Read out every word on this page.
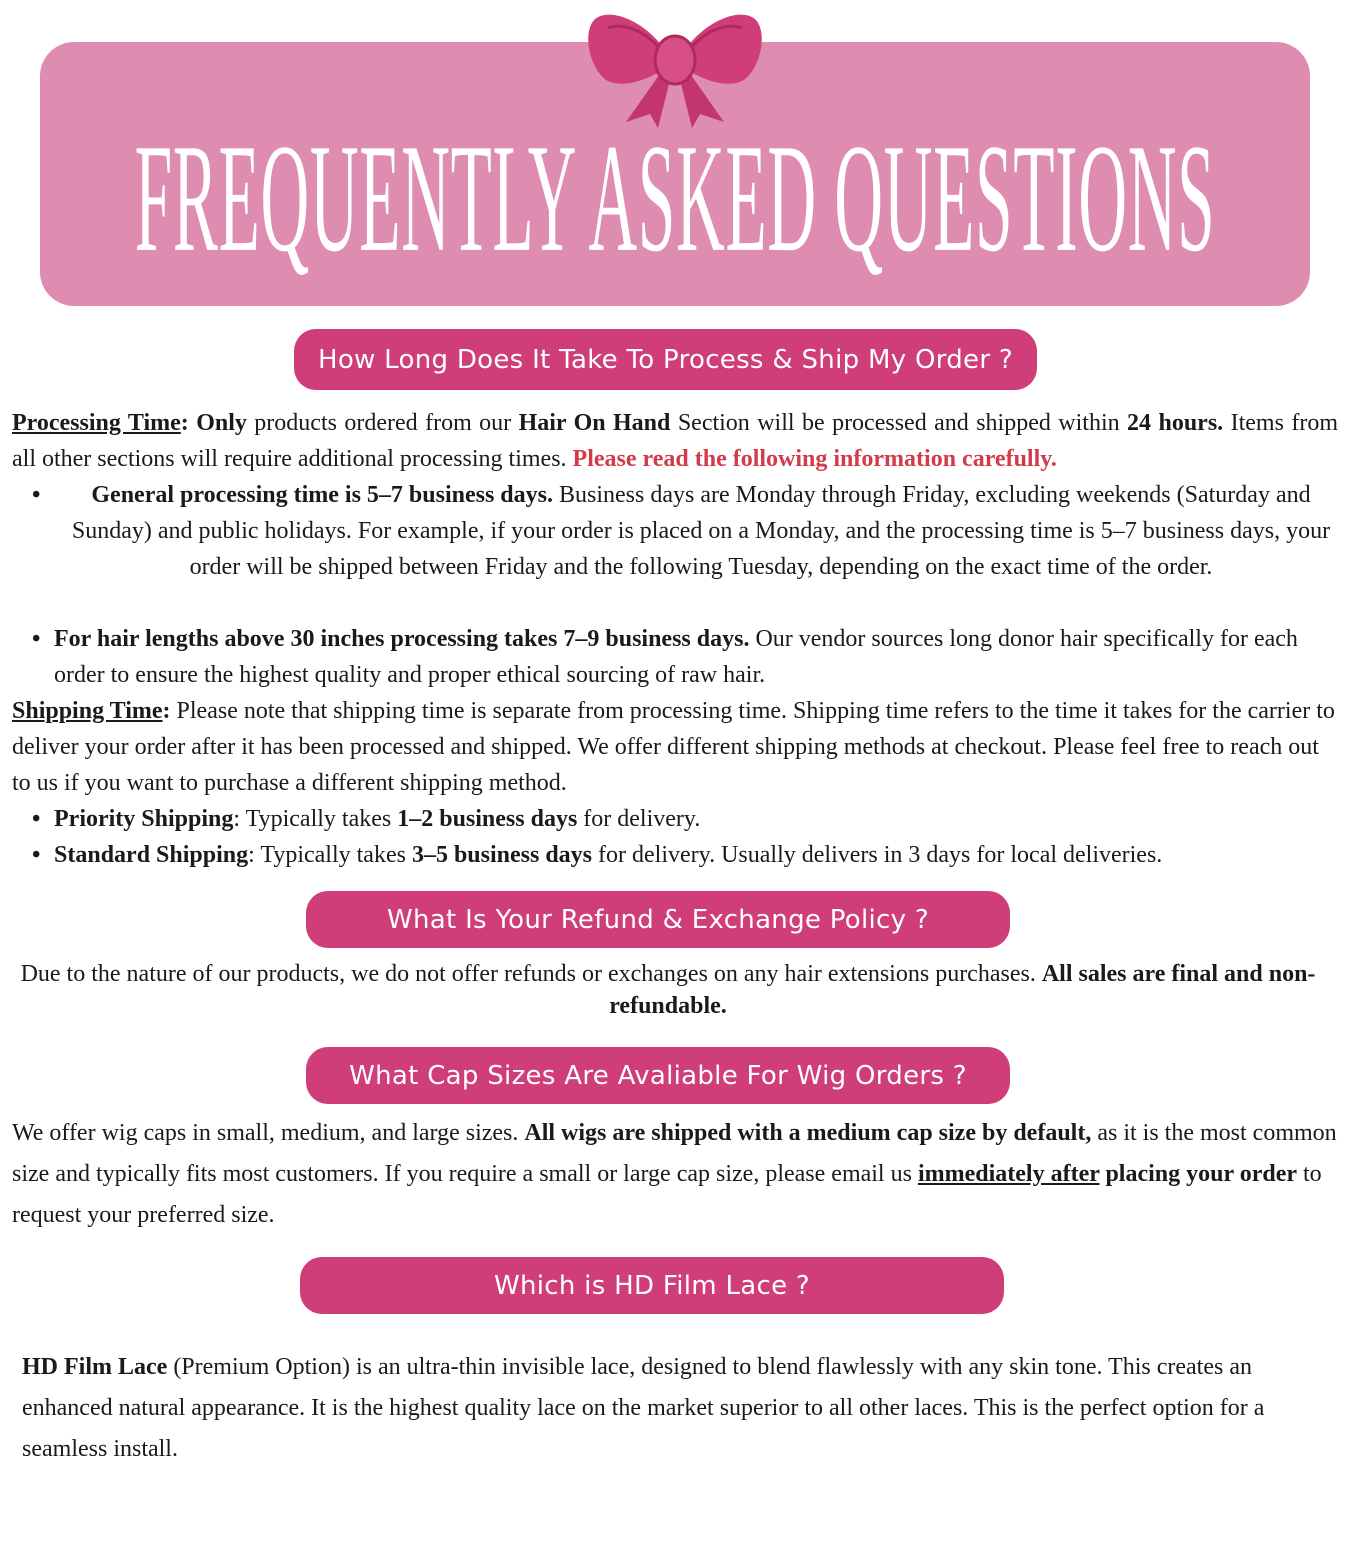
FREQUENTLY ASKED QUESTIONS
How Long Does It Take To Process & Ship My Order ?

Processing Time: Only products ordered from our Hair On Hand Section will be processed and shipped within 24 hours. Items from all other sections will require additional processing times. Please read the following information carefully.

• General processing time is 5–7 business days. Business days are Monday through Friday, excluding weekends (Saturday and Sunday) and public holidays. For example, if your order is placed on a Monday, and the processing time is 5–7 business days, your order will be shipped between Friday and the following Tuesday, depending on the exact time of the order.

• For hair lengths above 30 inches processing takes 7–9 business days. Our vendor sources long donor hair specifically for each order to ensure the highest quality and proper ethical sourcing of raw hair.

Shipping Time: Please note that shipping time is separate from processing time. Shipping time refers to the time it takes for the carrier to deliver your order after it has been processed and shipped. We offer different shipping methods at checkout. Please feel free to reach out to us if you want to purchase a different shipping method.

• Priority Shipping: Typically takes 1–2 business days for delivery.

• Standard Shipping: Typically takes 3–5 business days for delivery. Usually delivers in 3 days for local deliveries.

What Is Your Refund & Exchange Policy ?

Due to the nature of our products, we do not offer refunds or exchanges on any hair extensions purchases. All sales are final and non-refundable.

What Cap Sizes Are Avaliable For Wig Orders ?

We offer wig caps in small, medium, and large sizes. All wigs are shipped with a medium cap size by default, as it is the most common size and typically fits most customers. If you require a small or large cap size, please email us immediately after placing your order to request your preferred size.

Which is HD Film Lace ?

HD Film Lace (Premium Option) is an ultra-thin invisible lace, designed to blend flawlessly with any skin tone. This creates an enhanced natural appearance. It is the highest quality lace on the market superior to all other laces. This is the perfect option for a seamless install.
